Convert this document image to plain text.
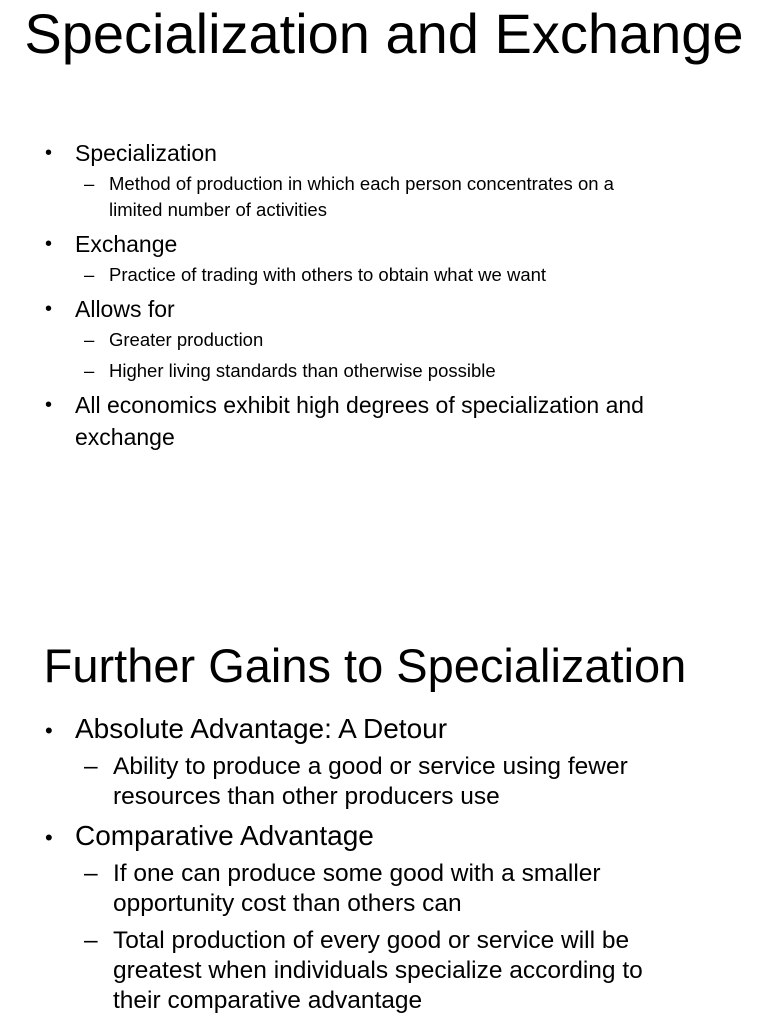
Specialization and Exchange
• Specialization
– Method of production in which each person concentrates on a limited number of activities
• Exchange
– Practice of trading with others to obtain what we want
• Allows for
– Greater production
– Higher living standards than otherwise possible
• All economics exhibit high degrees of specialization and exchange
Further Gains to Specialization
• Absolute Advantage: A Detour
– Ability to produce a good or service using fewer resources than other producers use
• Comparative Advantage
– If one can produce some good with a smaller opportunity cost than others can
– Total production of every good or service will be greatest when individuals specialize according to their comparative advantage
